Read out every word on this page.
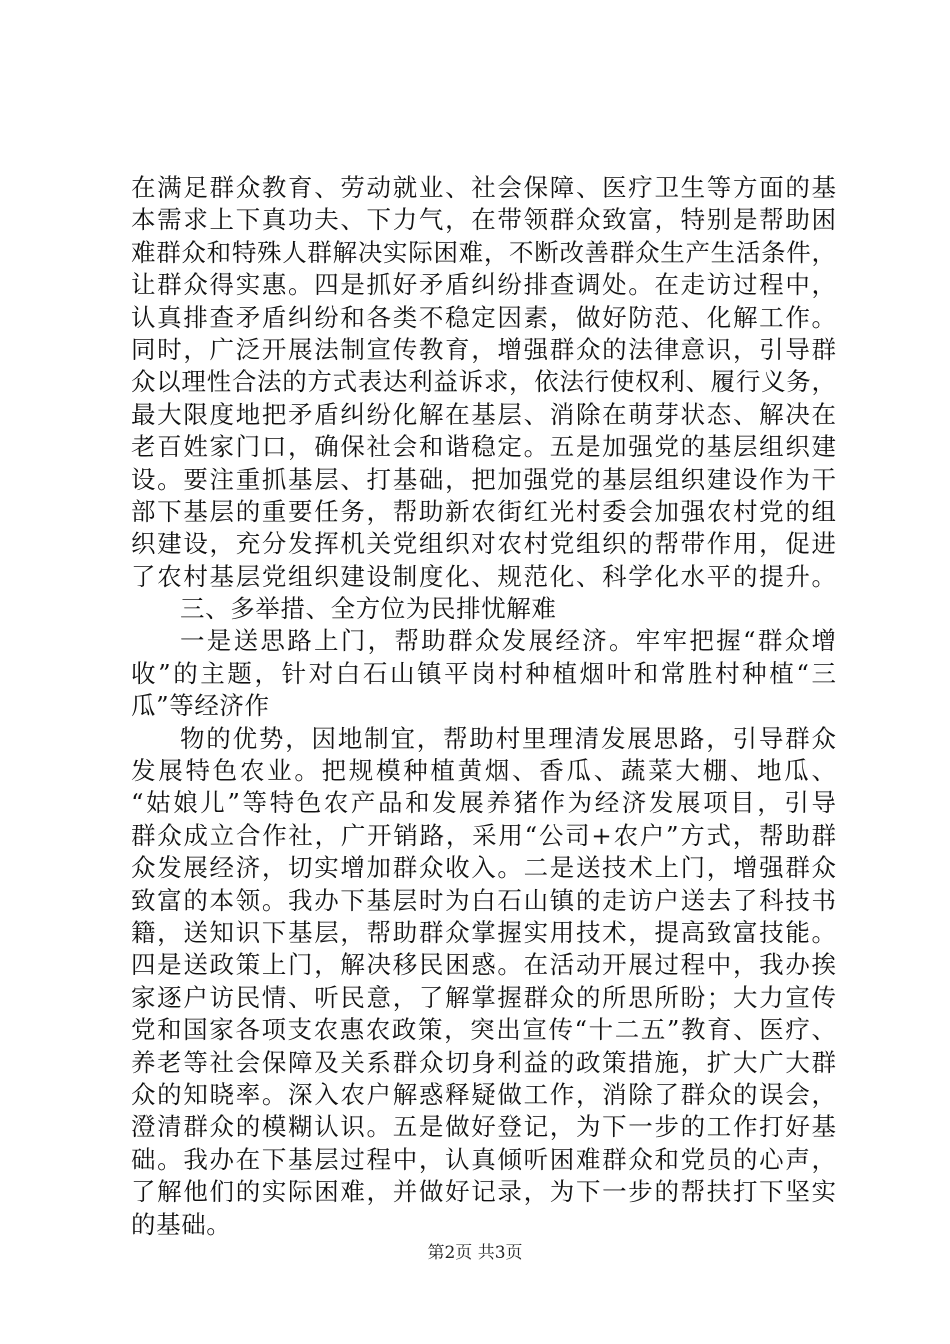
在满足群众教育、劳动就业、社会保障、医疗卫生等方面的基
本需求上下真功夫、下力气，在带领群众致富，特别是帮助困
难群众和特殊人群解决实际困难，不断改善群众生产生活条件，
让群众得实惠。四是抓好矛盾纠纷排查调处。在走访过程中，
认真排查矛盾纠纷和各类不稳定因素，做好防范、化解工作。
同时，广泛开展法制宣传教育，增强群众的法律意识，引导群
众以理性合法的方式表达利益诉求，依法行使权利、履行义务，
最大限度地把矛盾纠纷化解在基层、消除在萌芽状态、解决在
老百姓家门口，确保社会和谐稳定。五是加强党的基层组织建
设。要注重抓基层、打基础，把加强党的基层组织建设作为干
部下基层的重要任务，帮助新农街红光村委会加强农村党的组
织建设，充分发挥机关党组织对农村党组织的帮带作用，促进
了农村基层党组织建设制度化、规范化、科学化水平的提升。
三、多举措、全方位为民排忧解难
一是送思路上门，帮助群众发展经济。牢牢把握“群众增
收”的主题，针对白石山镇平岗村种植烟叶和常胜村种植“三
瓜”等经济作
物的优势，因地制宜，帮助村里理清发展思路，引导群众
发展特色农业。把规模种植黄烟、香瓜、蔬菜大棚、地瓜、
“姑娘儿”等特色农产品和发展养猪作为经济发展项目，引导
群众成立合作社，广开销路，采用“公司+农户”方式，帮助群
众发展经济，切实增加群众收入。二是送技术上门，增强群众
致富的本领。我办下基层时为白石山镇的走访户送去了科技书
籍，送知识下基层，帮助群众掌握实用技术，提高致富技能。
四是送政策上门，解决移民困惑。在活动开展过程中，我办挨
家逐户访民情、听民意，了解掌握群众的所思所盼；大力宣传
党和国家各项支农惠农政策，突出宣传“十二五”教育、医疗、
养老等社会保障及关系群众切身利益的政策措施，扩大广大群
众的知晓率。深入农户解惑释疑做工作，消除了群众的误会，
澄清群众的模糊认识。五是做好登记，为下一步的工作打好基
础。我办在下基层过程中，认真倾听困难群众和党员的心声，
了解他们的实际困难，并做好记录，为下一步的帮扶打下坚实
的基础。
第2页 共3页
